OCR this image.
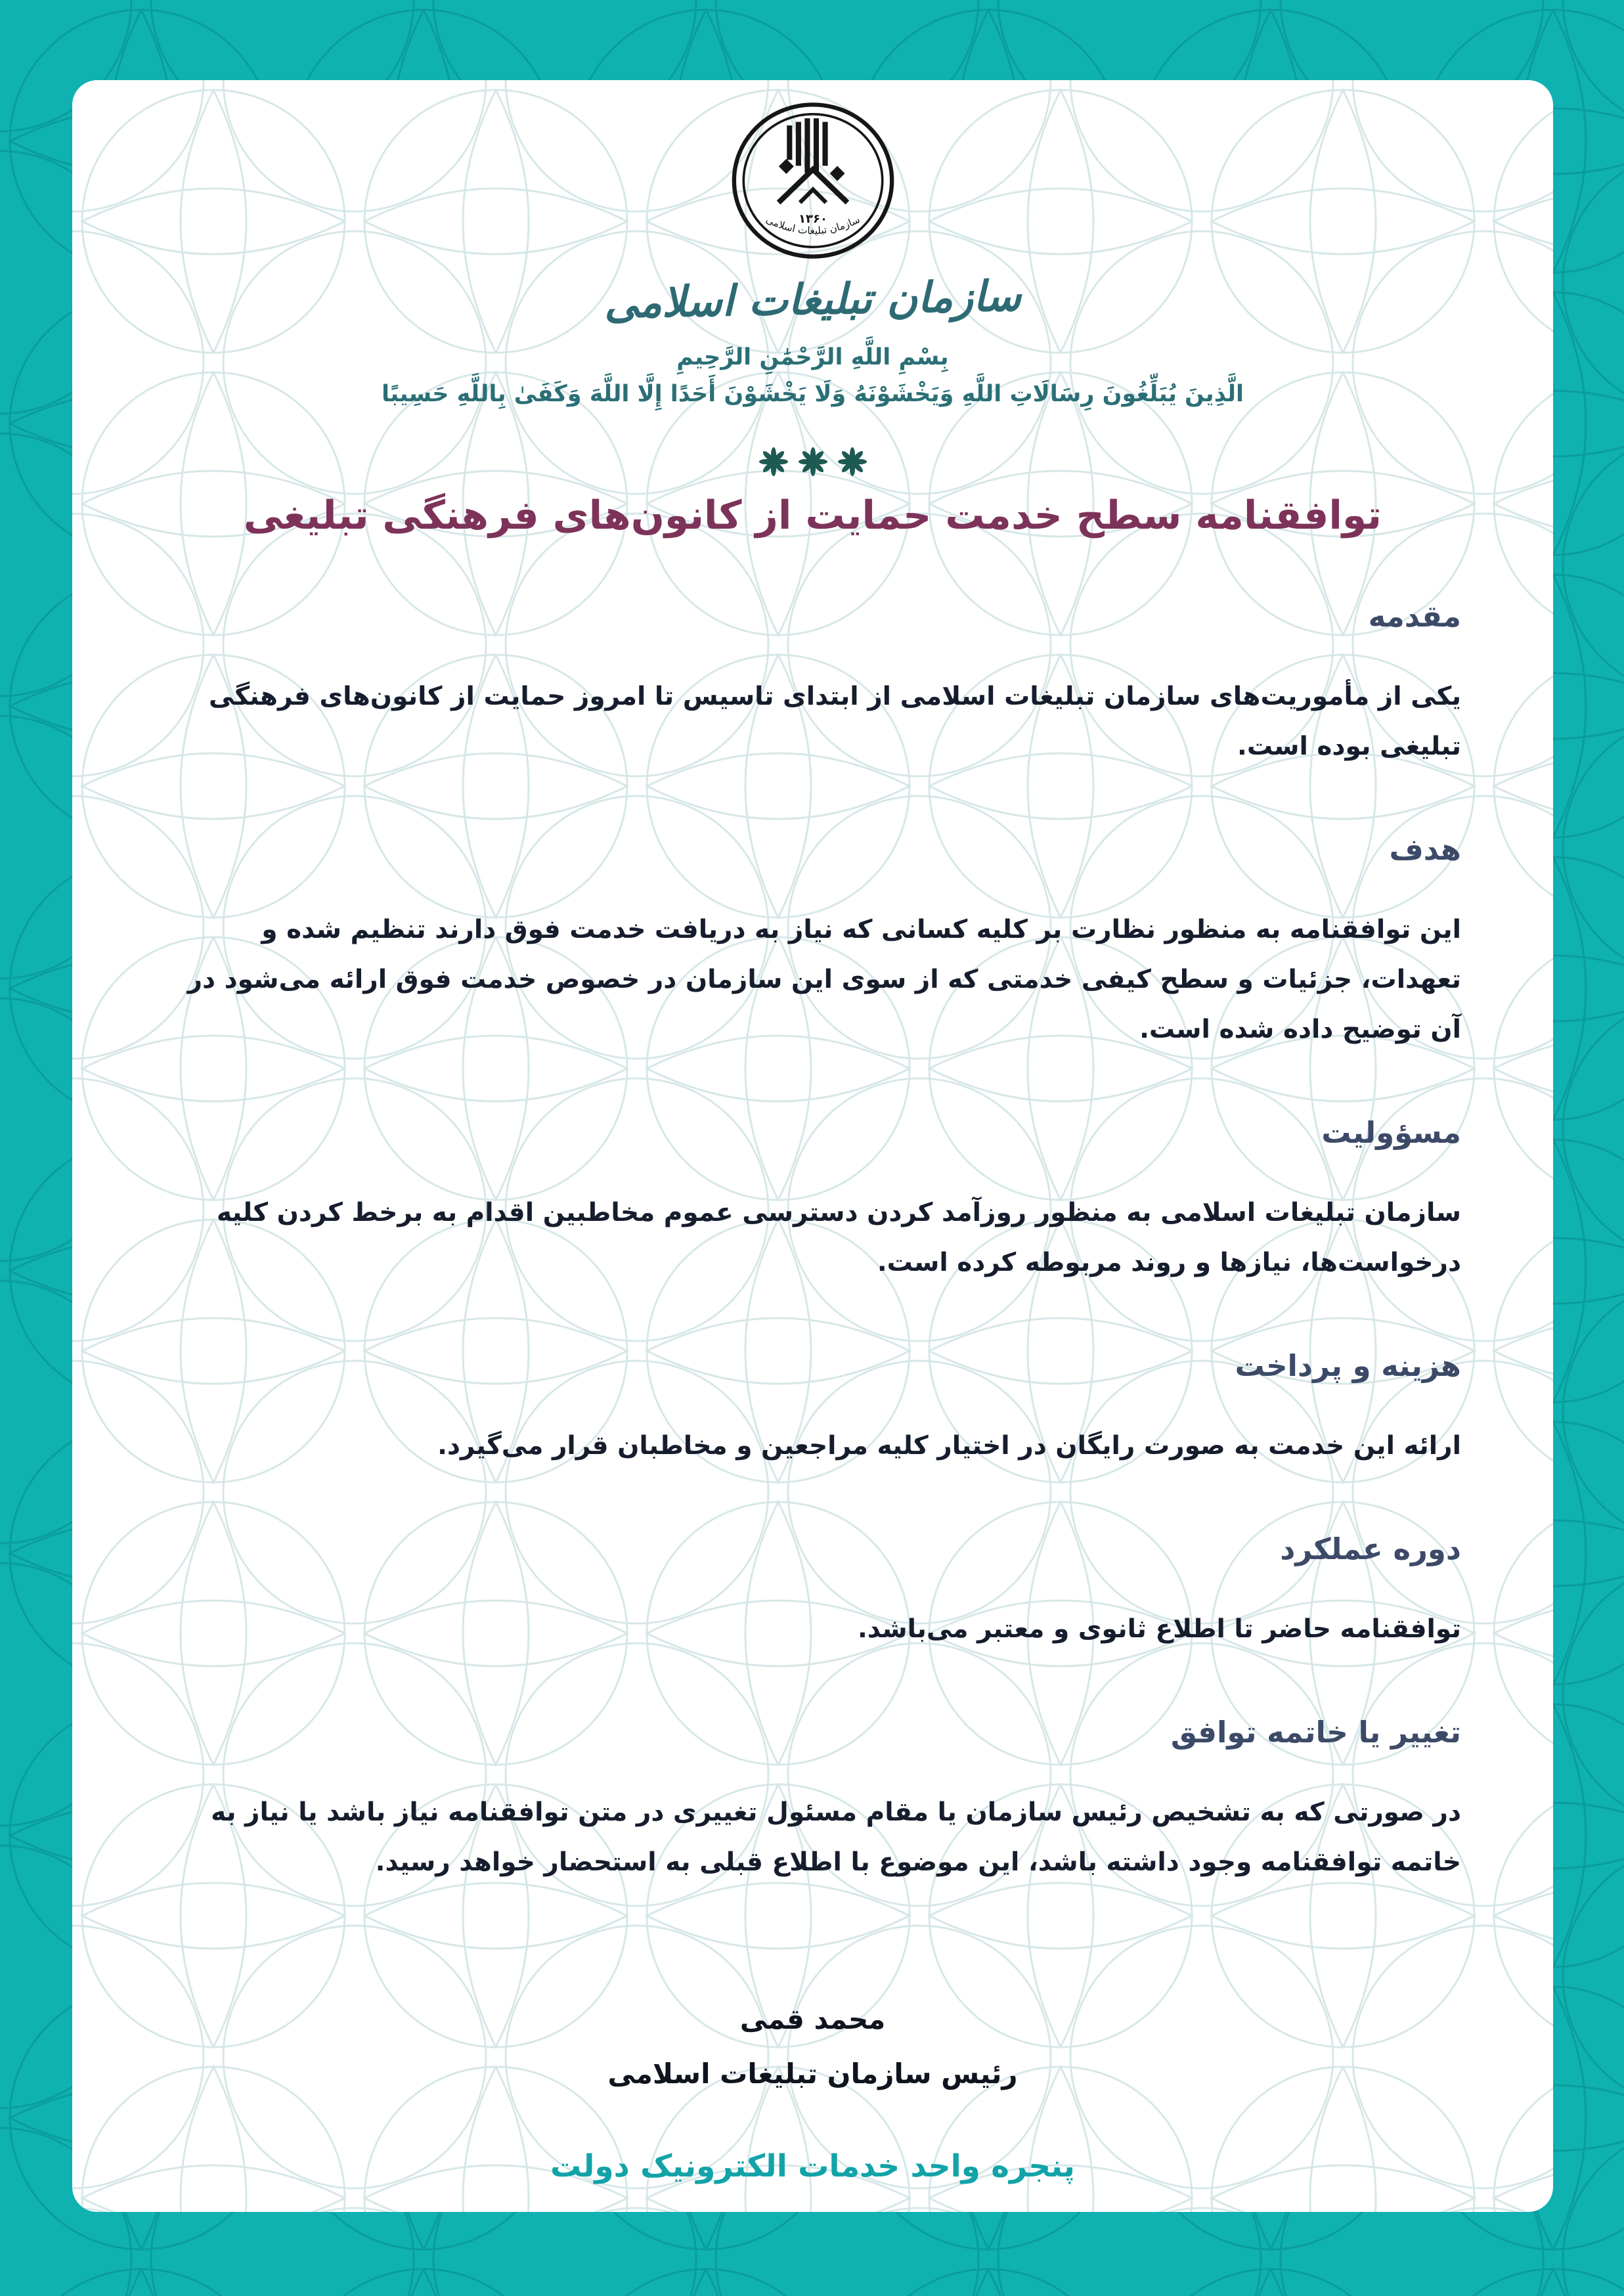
۱۳۶۰
سازمان تبلیغات اسلامی
سازمان تبلیغات اسلامی
بِسْمِ اللَّهِ الرَّحْمَٰنِ الرَّحِيمِ
الَّذِينَ يُبَلِّغُونَ رِسَالَاتِ اللَّهِ وَيَخْشَوْنَهُ وَلَا يَخْشَوْنَ أَحَدًا إِلَّا اللَّهَ وَكَفَىٰ بِاللَّهِ حَسِيبًا
توافقنامه سطح خدمت حمایت از کانون‌های فرهنگی تبلیغی
مقدمه

یکی از مأموریت‌های سازمان تبلیغات اسلامی از ابتدای تاسیس تا امروز حمایت از کانون‌های فرهنگی تبلیغی بوده است.

هدف

این توافقنامه به منظور نظارت بر کلیه کسانی که نیاز به دریافت خدمت فوق دارند تنظیم شده و تعهدات، جزئیات و سطح کیفی خدمتی که از سوی این سازمان در خصوص خدمت فوق ارائه می‌شود در آن توضیح داده شده است.

مسؤولیت

سازمان تبلیغات اسلامی به منظور روزآمد کردن دسترسی عموم مخاطبین اقدام به برخط کردن کلیه درخواست‌ها، نیازها و روند مربوطه کرده است.

هزینه و پرداخت

ارائه این خدمت به صورت رایگان در اختیار کلیه مراجعین و مخاطبان قرار می‌گیرد.

دوره عملکرد

توافقنامه حاضر تا اطلاع ثانوی و معتبر می‌باشد.

تغییر یا خاتمه توافق

در صورتی که به تشخیص رئیس سازمان یا مقام مسئول تغییری در متن توافقنامه نیاز باشد یا نیاز به خاتمه توافقنامه وجود داشته باشد، این موضوع با اطلاع قبلی به استحضار خواهد رسید.

محمد قمی
رئیس سازمان تبلیغات اسلامی
پنجره واحد خدمات الکترونیک دولت
